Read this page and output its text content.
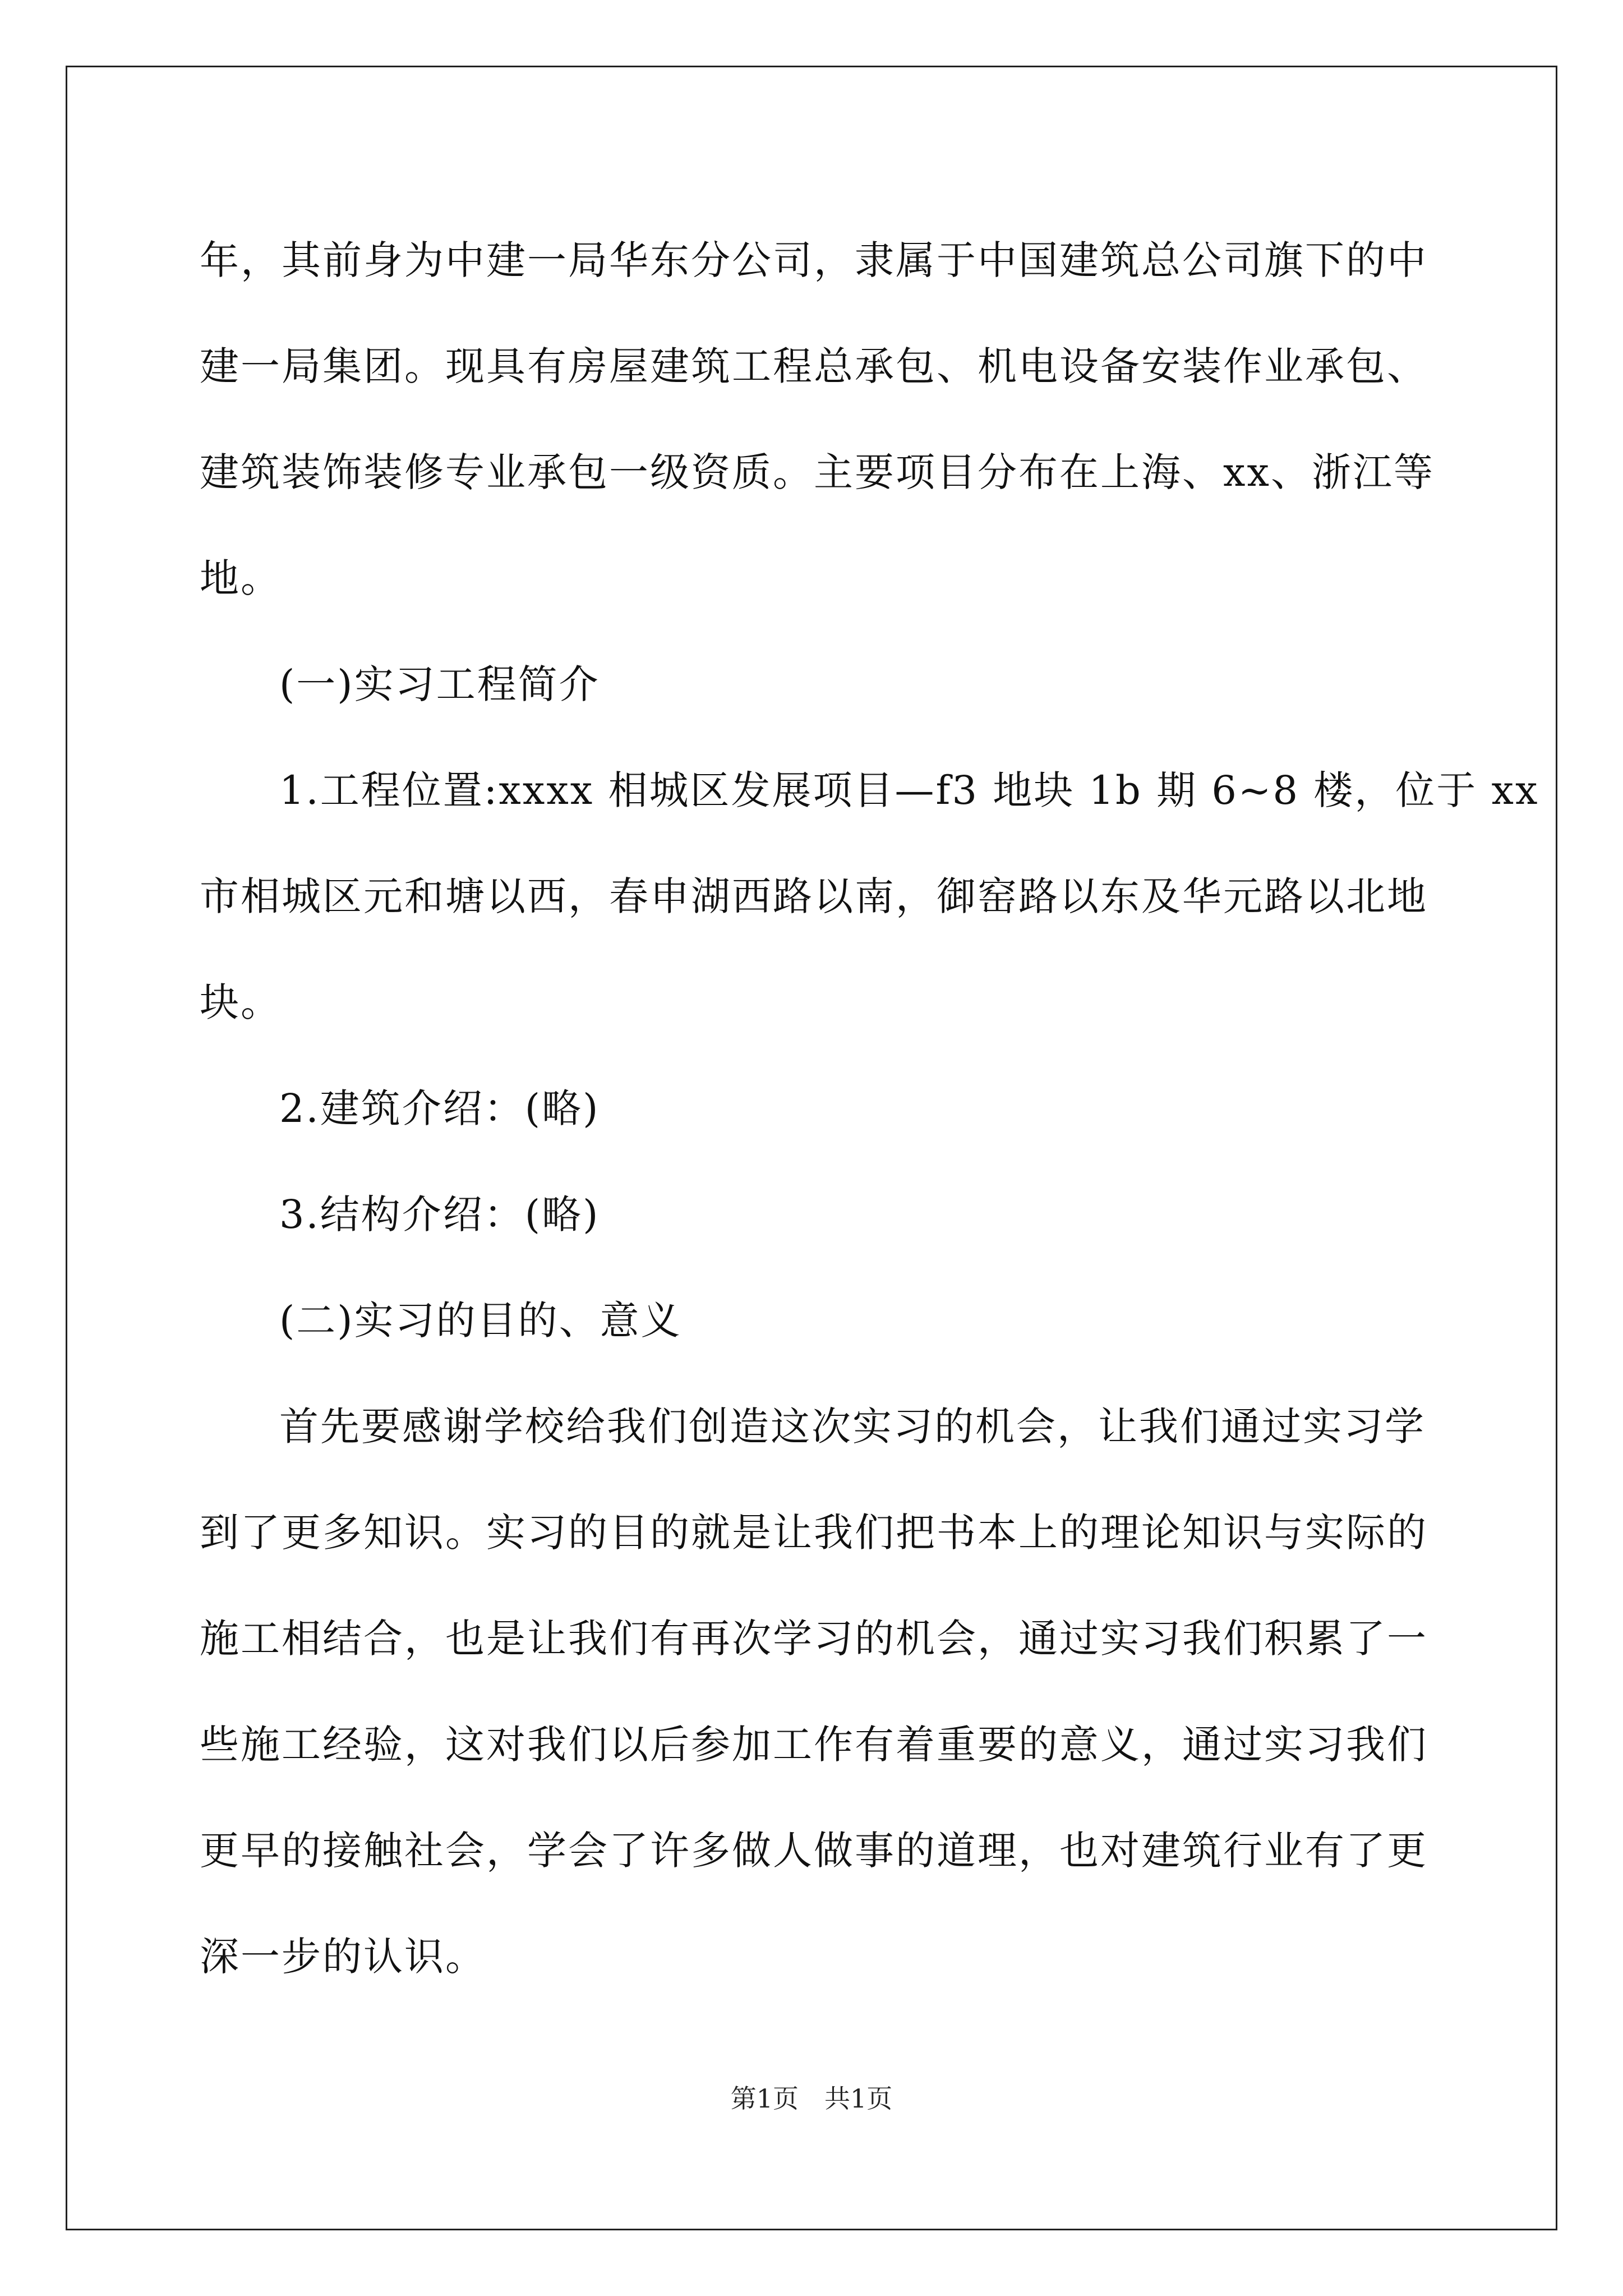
年，其前身为中建一局华东分公司，隶属于中国建筑总公司旗下的中
建一局集团。现具有房屋建筑工程总承包、机电设备安装作业承包、
建筑装饰装修专业承包一级资质。主要项目分布在上海、xx、浙江等
地。
(一)实习工程简介
1.工程位置:xxxx 相城区发展项目—f3 地块 1b 期 6~8 楼，位于 xx
市相城区元和塘以西，春申湖西路以南，御窑路以东及华元路以北地
块。
2.建筑介绍：(略)
3.结构介绍：(略)
(二)实习的目的、意义
首先要感谢学校给我们创造这次实习的机会，让我们通过实习学
到了更多知识。实习的目的就是让我们把书本上的理论知识与实际的
施工相结合，也是让我们有再次学习的机会，通过实习我们积累了一
些施工经验，这对我们以后参加工作有着重要的意义，通过实习我们
更早的接触社会，学会了许多做人做事的道理，也对建筑行业有了更
深一步的认识。

第1页　共1页
